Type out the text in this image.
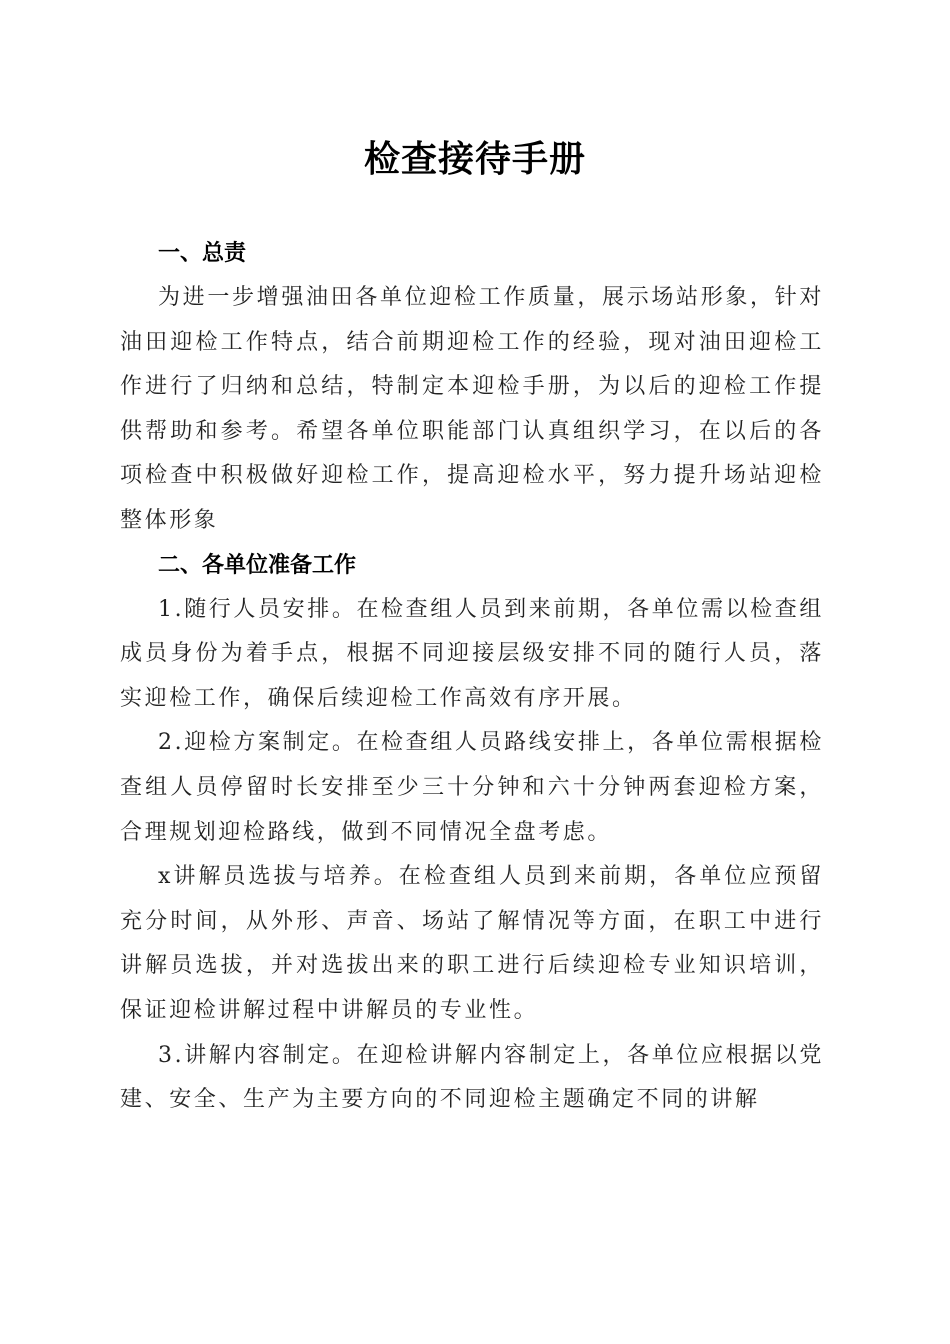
检查接待手册

一、总责

为进一步增强油田各单位迎检工作质量，展示场站形象，针对油田迎检工作特点，结合前期迎检工作的经验，现对油田迎检工作进行了归纳和总结，特制定本迎检手册，为以后的迎检工作提供帮助和参考。希望各单位职能部门认真组织学习，在以后的各项检查中积极做好迎检工作，提高迎检水平，努力提升场站迎检整体形象

二、各单位准备工作

1.随行人员安排。在检查组人员到来前期，各单位需以检查组成员身份为着手点，根据不同迎接层级安排不同的随行人员，落实迎检工作，确保后续迎检工作高效有序开展。

2.迎检方案制定。在检查组人员路线安排上，各单位需根据检查组人员停留时长安排至少三十分钟和六十分钟两套迎检方案，合理规划迎检路线，做到不同情况全盘考虑。

x讲解员选拔与培养。在检查组人员到来前期，各单位应预留充分时间，从外形、声音、场站了解情况等方面，在职工中进行讲解员选拔，并对选拔出来的职工进行后续迎检专业知识培训，保证迎检讲解过程中讲解员的专业性。

3.讲解内容制定。在迎检讲解内容制定上，各单位应根据以党建、安全、生产为主要方向的不同迎检主题确定不同的讲解
